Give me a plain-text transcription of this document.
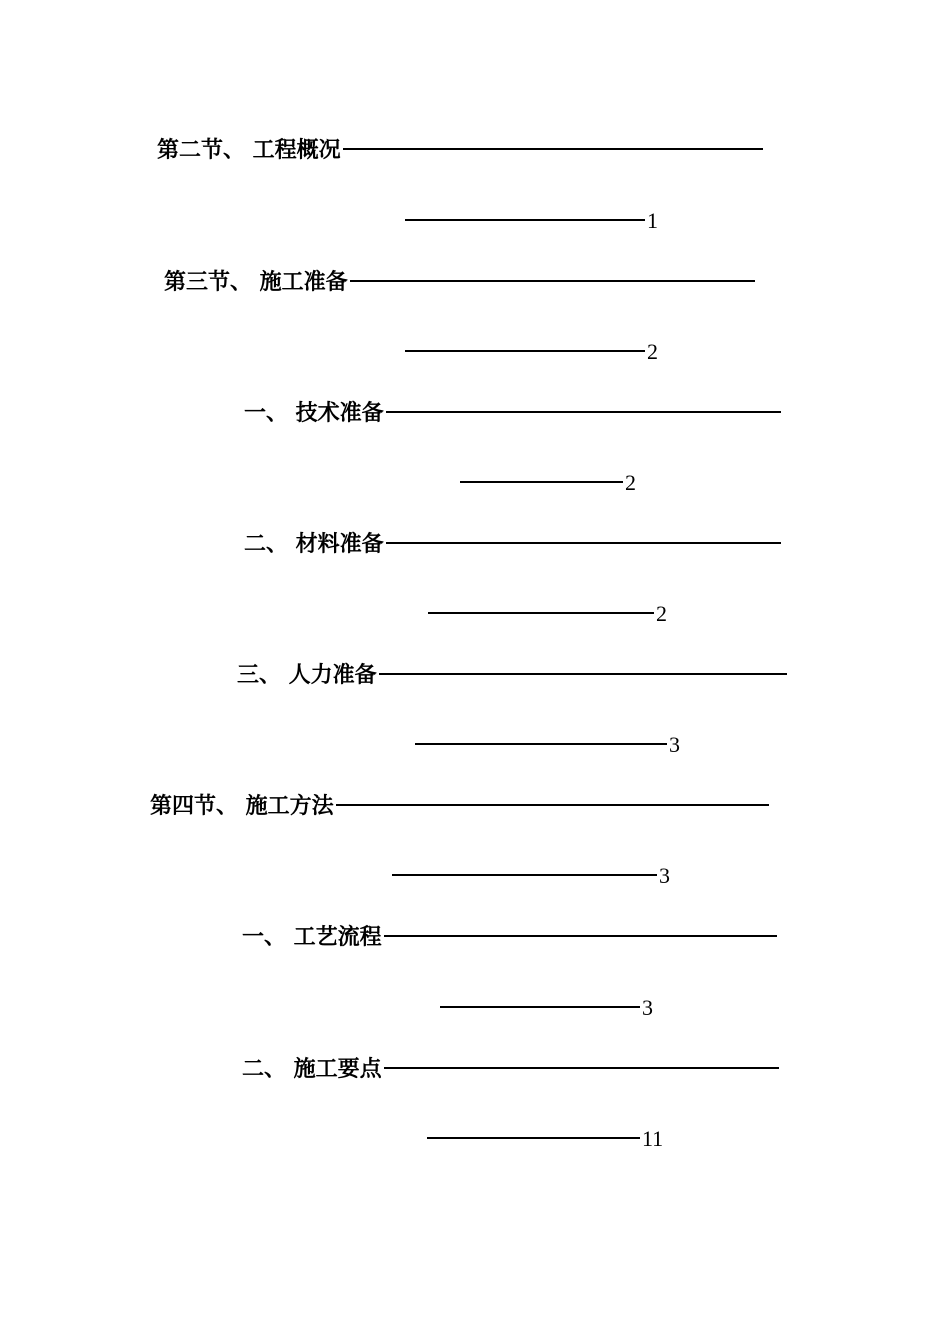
第二节、 工程概况
1
第三节、 施工准备
2
一、 技术准备
2
二、 材料准备
2
三、 人力准备
3
第四节、 施工方法
3
一、 工艺流程
3
二、 施工要点
11
